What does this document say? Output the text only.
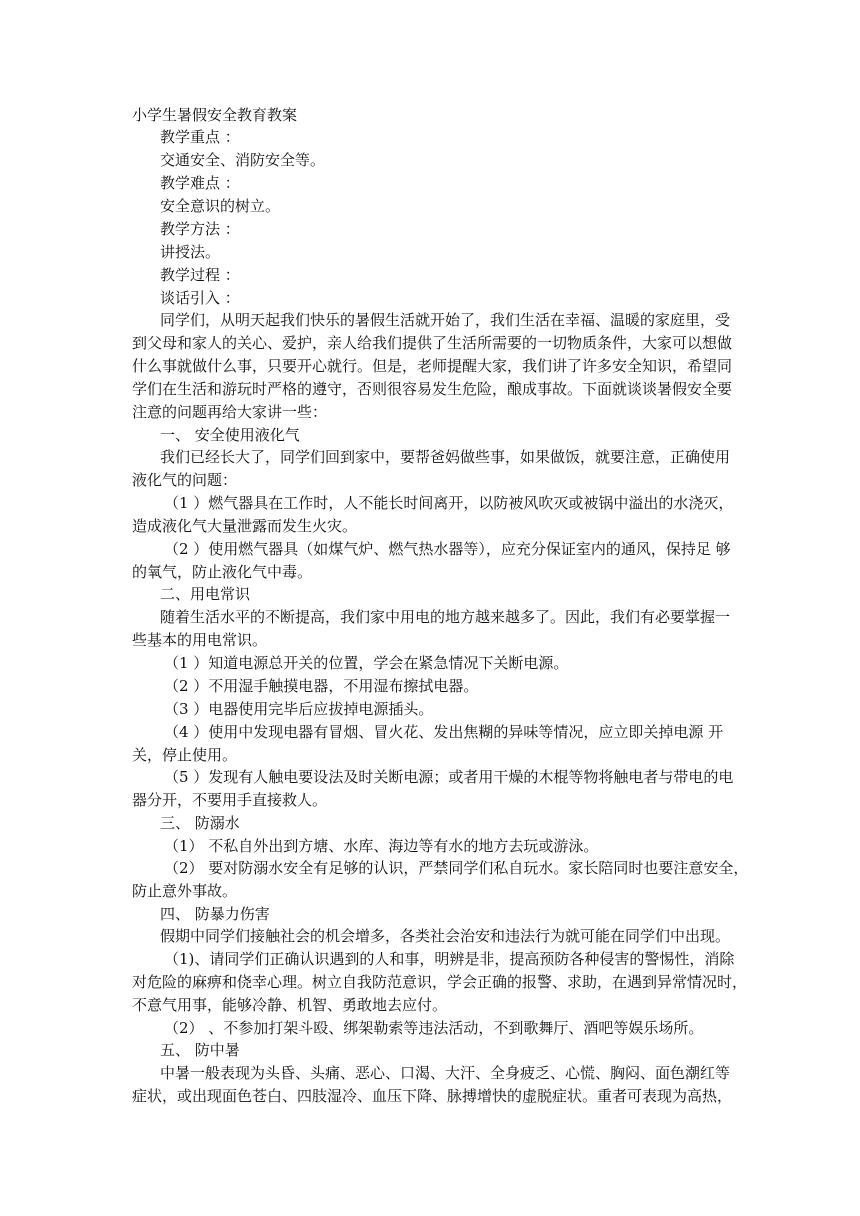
小学生暑假安全教育教案
教学重点 ：
交通安全、消防安全等。
教学难点 ：
安全意识的树立。
教学方法 ：
讲授法。
教学过程 ：
谈话引入 ：
同学们，从明天起我们快乐的暑假生活就开始了，我们生活在幸福、温暖的家庭里，受
到父母和家人的关心、爱护，亲人给我们提供了生活所需要的一切物质条件，大家可以想做
什么事就做什么事，只要开心就行。但是，老师提醒大家，我们讲了许多安全知识，希望同
学们在生活和游玩时严格的遵守，否则很容易发生危险，酿成事故。下面就谈谈暑假安全要
注意的问题再给大家讲一些：
一、 安全使用液化气
我们已经长大了，同学们回到家中，要帮爸妈做些事，如果做饭，就要注意，正确使用
液化气的问题：
（1 ）燃气器具在工作时，人不能长时间离开，以防被风吹灭或被锅中溢出的水浇灭，
造成液化气大量泄露而发生火灾。
（2 ）使用燃气器具（如煤气炉、燃气热水器等），应充分保证室内的通风，保持足 够
的氧气，防止液化气中毒。
二、用电常识
随着生活水平的不断提高，我们家中用电的地方越来越多了。因此，我们有必要掌握一
些基本的用电常识。
（1 ）知道电源总开关的位置，学会在紧急情况下关断电源。
（2 ）不用湿手触摸电器，不用湿布擦拭电器。
（3 ）电器使用完毕后应拔掉电源插头。
（4 ）使用中发现电器有冒烟、冒火花、发出焦糊的异味等情况，应立即关掉电源 开
关，停止使用。
（5 ）发现有人触电要设法及时关断电源；或者用干燥的木棍等物将触电者与带电的电
器分开，不要用手直接救人。
三、 防溺水
（1） 不私自外出到方塘、水库、海边等有水的地方去玩或游泳。
（2） 要对防溺水安全有足够的认识，严禁同学们私自玩水。家长陪同时也要注意安全，
防止意外事故。
四、 防暴力伤害
假期中同学们接触社会的机会增多，各类社会治安和违法行为就可能在同学们中出现。
（1)、请同学们正确认识遇到的人和事，明辨是非，提高预防各种侵害的警惕性，消除
对危险的麻痹和侥幸心理。树立自我防范意识，学会正确的报警、求助，在遇到异常情况时，
不意气用事，能够冷静、机智、勇敢地去应付。
（2） 、不参加打架斗殴、绑架勒索等违法活动，不到歌舞厅、酒吧等娱乐场所。
五、 防中暑
中暑一般表现为头昏、头痛、恶心、口渴、大汗、全身疲乏、心慌、胸闷、面色潮红等
症状，或出现面色苍白、四肢湿冷、血压下降、脉搏增快的虚脱症状。重者可表现为高热，
